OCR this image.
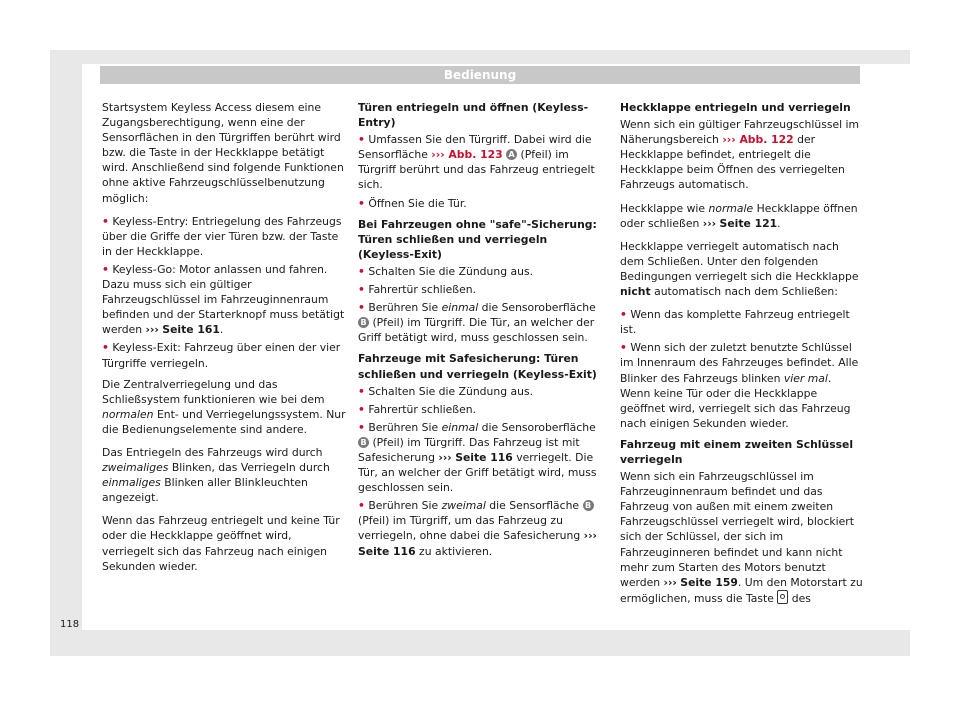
Bedienung

Startsystem Keyless Access diesem eine Zugangsberechtigung, wenn eine der Sensorflächen in den Türgriffen berührt wird bzw. die Taste in der Heckklappe betätigt wird. Anschließend sind folgende Funktionen ohne aktive Fahrzeugschlüsselbenutzung möglich:

• Keyless-Entry: Entriegelung des Fahrzeugs über die Griffe der vier Türen bzw. der Taste in der Heckklappe.
• Keyless-Go: Motor anlassen und fahren. Dazu muss sich ein gültiger Fahrzeugschlüssel im Fahrzeuginnenraum befinden und der Starterknopf muss betätigt werden ››› Seite 161.
• Keyless-Exit: Fahrzeug über einen der vier Türgriffe verriegeln.

Die Zentralverriegelung und das Schließsystem funktionieren wie bei dem normalen Ent- und Verriegelungssystem. Nur die Bedienungselemente sind andere.

Das Entriegeln des Fahrzeugs wird durch zweimaliges Blinken, das Verriegeln durch einmaliges Blinken aller Blinkleuchten angezeigt.

Wenn das Fahrzeug entriegelt und keine Tür oder die Heckklappe geöffnet wird, verriegelt sich das Fahrzeug nach einigen Sekunden wieder.

Türen entriegeln und öffnen (Keyless-Entry)
• Umfassen Sie den Türgriff. Dabei wird die Sensorfläche ››› Abb. 123 A (Pfeil) im Türgriff berührt und das Fahrzeug entriegelt sich.
• Öffnen Sie die Tür.
Bei Fahrzeugen ohne "safe"-Sicherung: Türen schließen und verriegeln (Keyless-Exit)
• Schalten Sie die Zündung aus.
• Fahrertür schließen.
• Berühren Sie einmal die Sensoroberfläche B (Pfeil) im Türgriff. Die Tür, an welcher der Griff betätigt wird, muss geschlossen sein.
Fahrzeuge mit Safesicherung: Türen schließen und verriegeln (Keyless-Exit)
• Schalten Sie die Zündung aus.
• Fahrertür schließen.
• Berühren Sie einmal die Sensoroberfläche B (Pfeil) im Türgriff. Das Fahrzeug ist mit Safesicherung ››› Seite 116 verriegelt. Die Tür, an welcher der Griff betätigt wird, muss geschlossen sein.
• Berühren Sie zweimal die Sensorfläche B (Pfeil) im Türgriff, um das Fahrzeug zu verriegeln, ohne dabei die Safesicherung ››› Seite 116 zu aktivieren.
Heckklappe entriegeln und verriegeln

Wenn sich ein gültiger Fahrzeugschlüssel im Näherungsbereich ››› Abb. 122 der Heckklappe befindet, entriegelt die Heckklappe beim Öffnen des verriegelten Fahrzeugs automatisch.

Heckklappe wie normale Heckklappe öffnen oder schließen ››› Seite 121.

Heckklappe verriegelt automatisch nach dem Schließen. Unter den folgenden Bedingungen verriegelt sich die Heckklappe nicht automatisch nach dem Schließen:

• Wenn das komplette Fahrzeug entriegelt ist.
• Wenn sich der zuletzt benutzte Schlüssel im Innenraum des Fahrzeuges befindet. Alle Blinker des Fahrzeugs blinken vier mal. Wenn keine Tür oder die Heckklappe geöffnet wird, verriegelt sich das Fahrzeug nach einigen Sekunden wieder.
Fahrzeug mit einem zweiten Schlüssel verriegeln

Wenn sich ein Fahrzeugschlüssel im Fahrzeuginnenraum befindet und das Fahrzeug von außen mit einem zweiten Fahrzeugschlüssel verriegelt wird, blockiert sich der Schlüssel, der sich im Fahrzeuginneren befindet und kann nicht mehr zum Starten des Motors benutzt werden ››› Seite 159. Um den Motorstart zu ermöglichen, muss die Taste des

118
